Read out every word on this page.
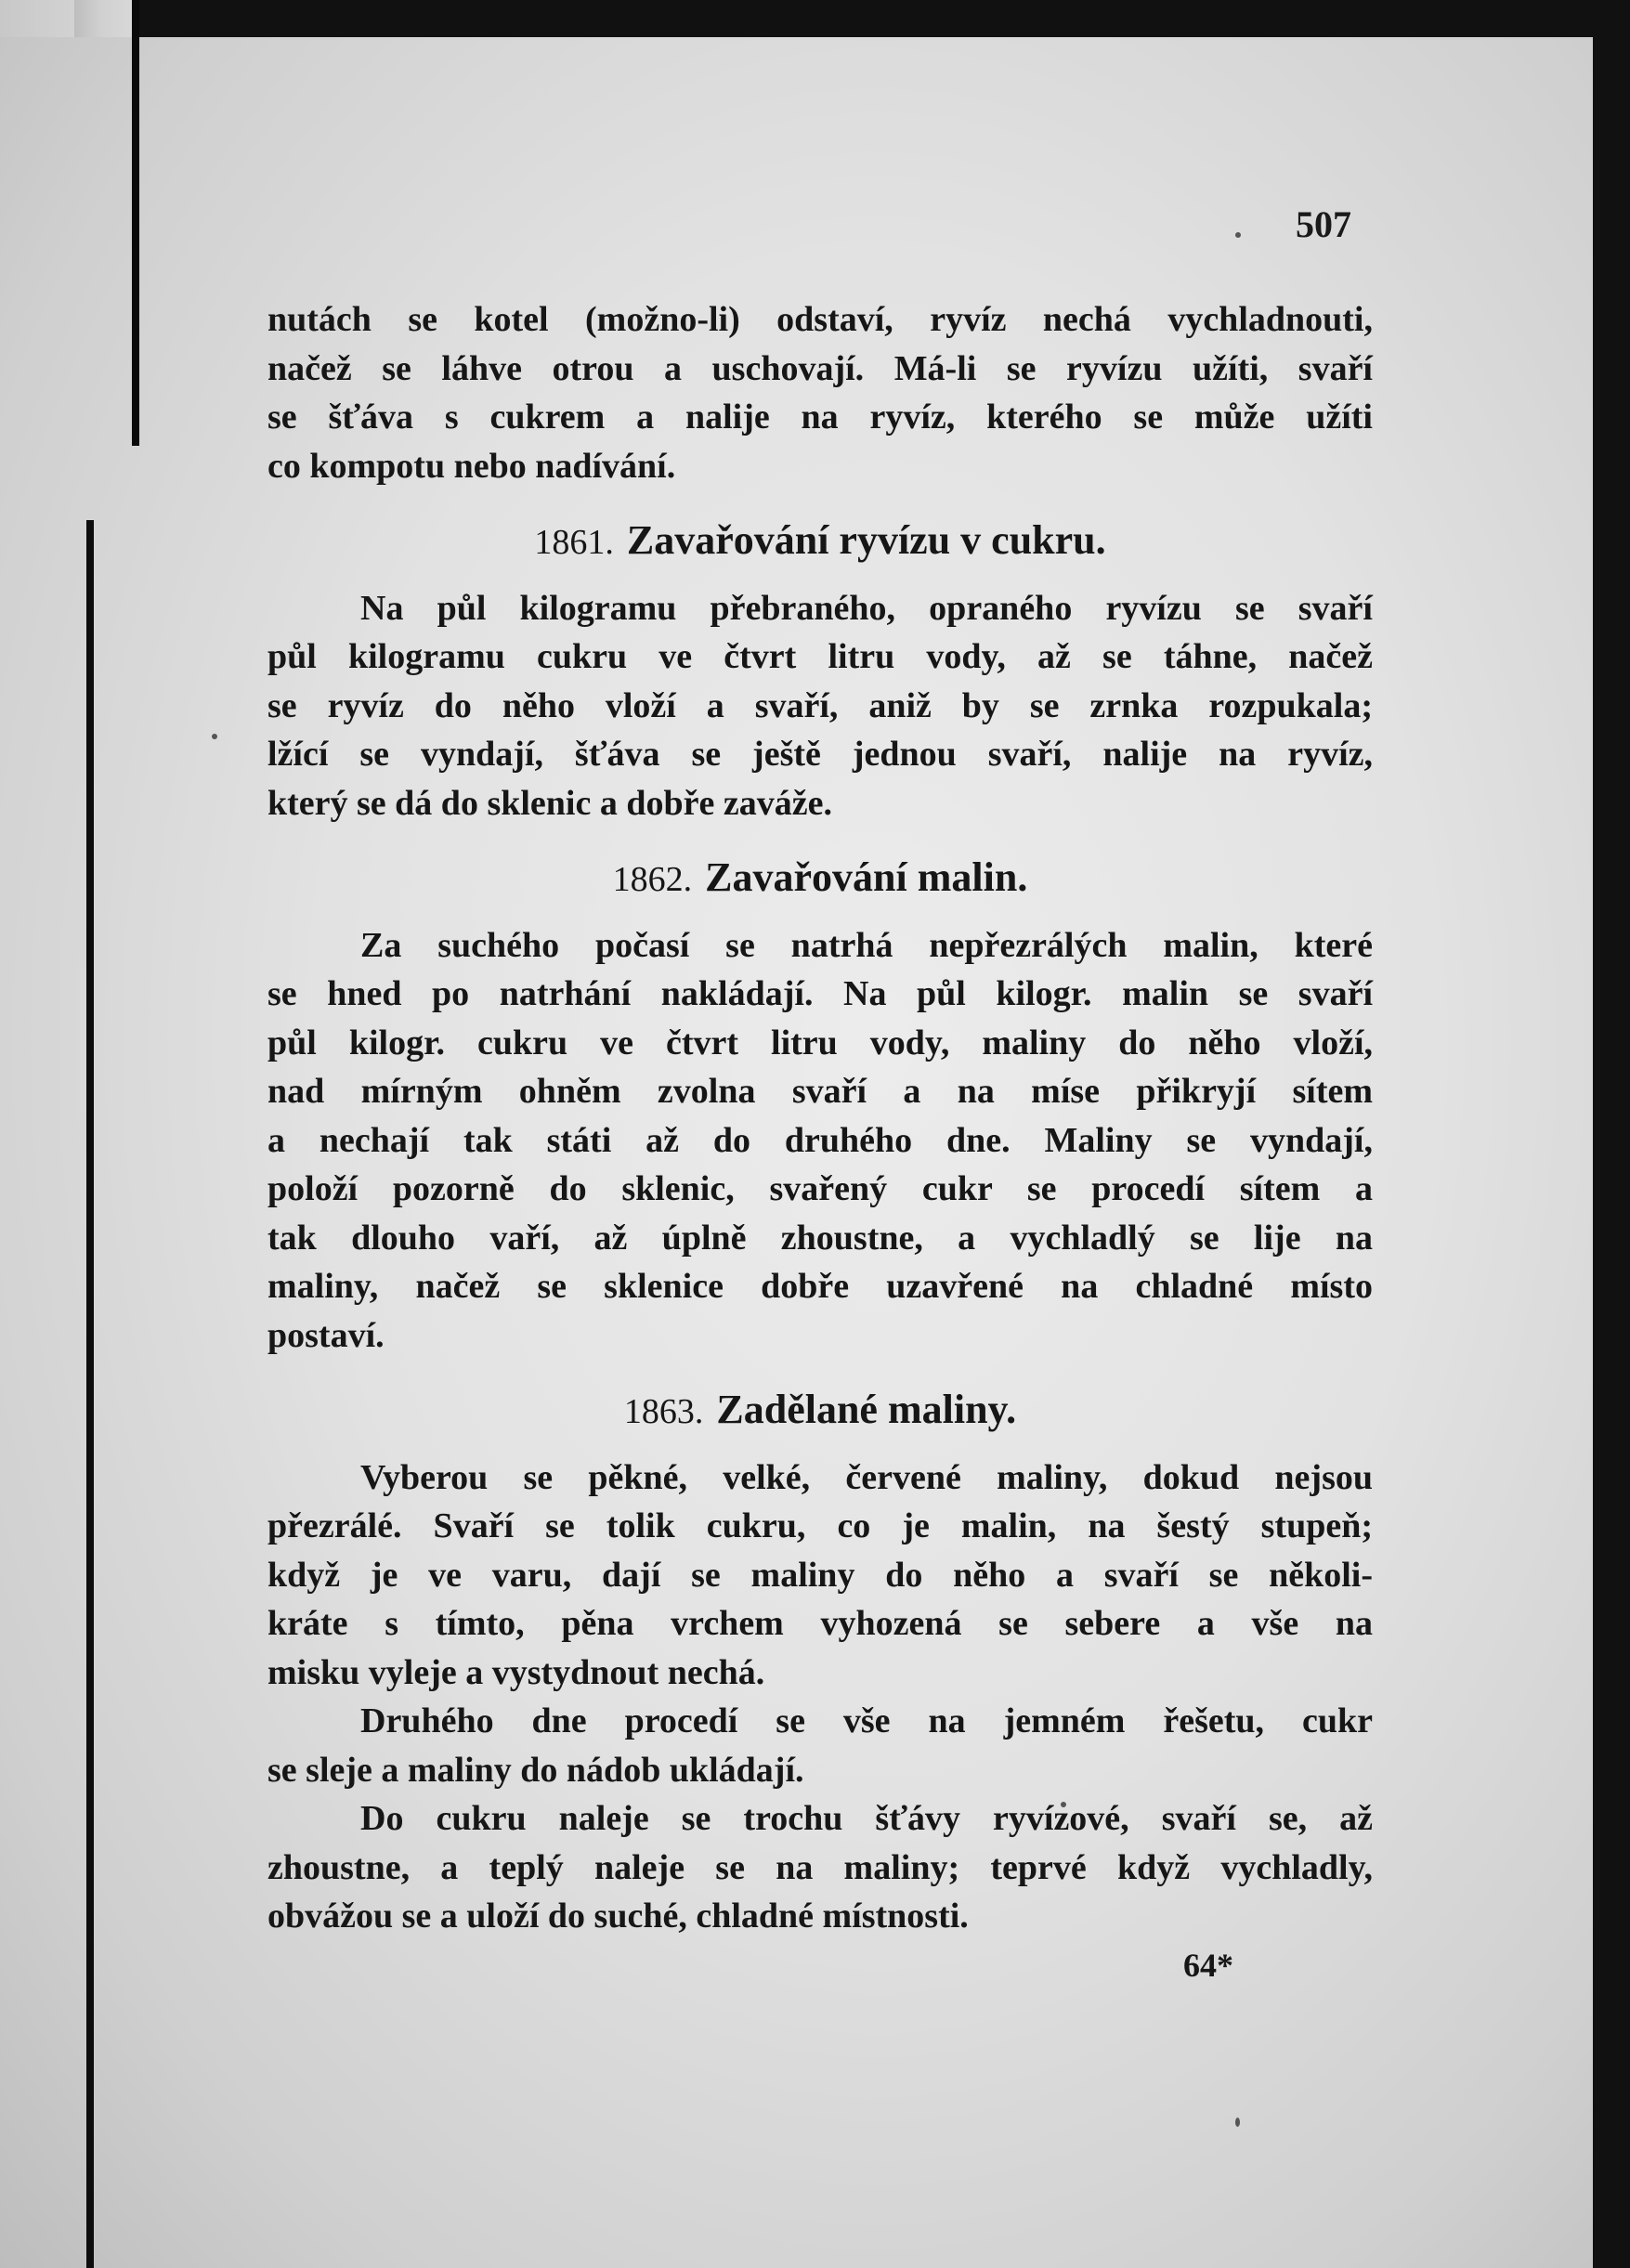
507
nutách se kotel (možno-li) odstaví, ryvíz nechá vychladnouti,
načež se láhve otrou a uschovají. Má-li se ryvízu užíti, svaří
se šťáva s cukrem a nalije na ryvíz, kterého se může užíti
co kompotu nebo nadívání.
1861. Zavařování ryvízu v cukru.
Na půl kilogramu přebraného, opraného ryvízu se svaří
půl kilogramu cukru ve čtvrt litru vody, až se táhne, načež
se ryvíz do něho vloží a svaří, aniž by se zrnka rozpukala;
lžící se vyndají, šťáva se ještě jednou svaří, nalije na ryvíz,
který se dá do sklenic a dobře zaváže.
1862. Zavařování malin.
Za suchého počasí se natrhá nepřezrálých malin, které
se hned po natrhání nakládají. Na půl kilogr. malin se svaří
půl kilogr. cukru ve čtvrt litru vody, maliny do něho vloží,
nad mírným ohněm zvolna svaří a na míse přikryjí sítem
a nechají tak státi až do druhého dne. Maliny se vyndají,
položí pozorně do sklenic, svařený cukr se procedí sítem a
tak dlouho vaří, až úplně zhoustne, a vychladlý se lije na
maliny, načež se sklenice dobře uzavřené na chladné místo
postaví.
1863. Zadělané maliny.
Vyberou se pěkné, velké, červené maliny, dokud nejsou
přezrálé. Svaří se tolik cukru, co je malin, na šestý stupeň;
když je ve varu, dají se maliny do něho a svaří se několi-
kráte s tímto, pěna vrchem vyhozená se sebere a vše na
misku vyleje a vystydnout nechá.
Druhého dne procedí se vše na jemném řešetu, cukr
se sleje a maliny do nádob ukládají.
Do cukru naleje se trochu šťávy ryvízové, svaří se, až
zhoustne, a teplý naleje se na maliny; teprvé když vychladly,
obvážou se a uloží do suché, chladné místnosti.
64*
